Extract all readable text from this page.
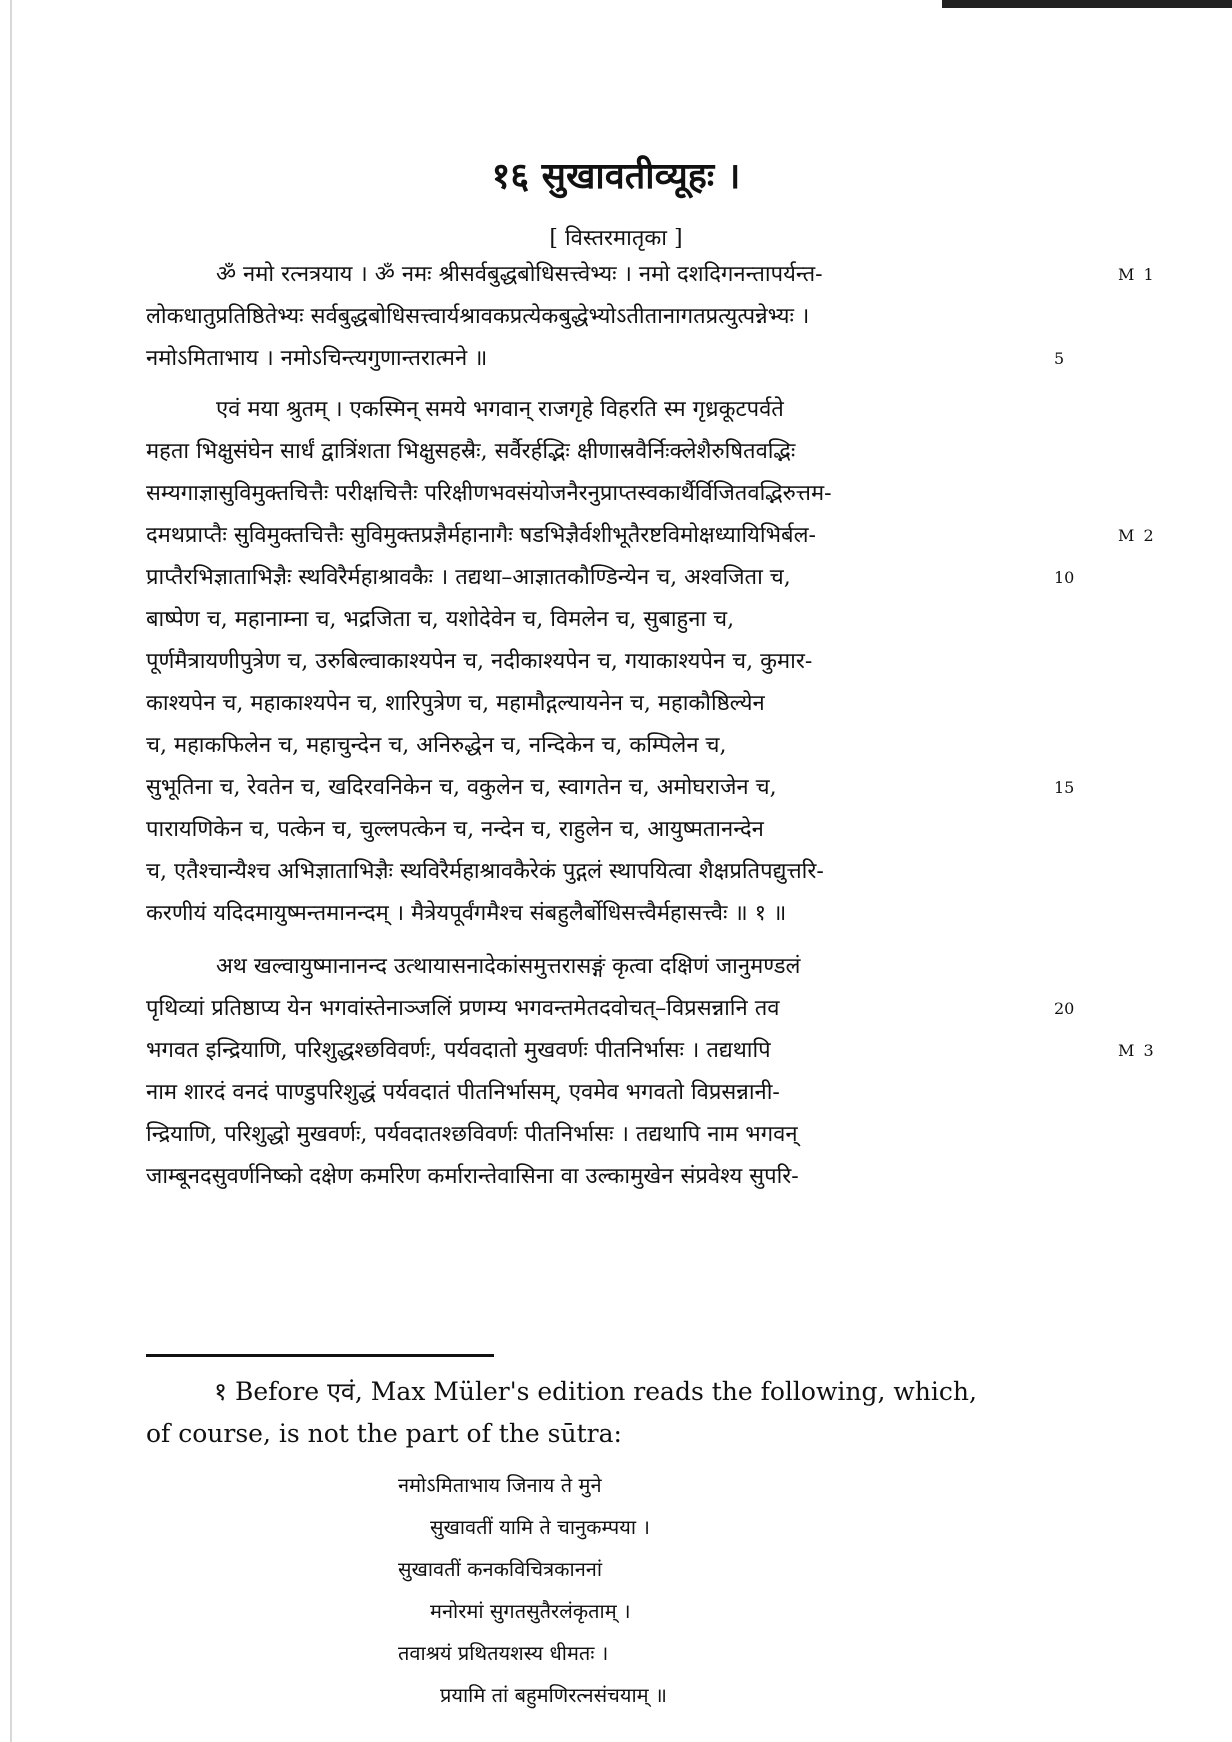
१६ सुखावतीव्यूहः ।
[ विस्तरमातृका ]
ॐ नमो रत्नत्रयाय । ॐ नमः श्रीसर्वबुद्धबोधिसत्त्वेभ्यः । नमो दशदिगनन्तापर्यन्त-
लोकधातुप्रतिष्ठितेभ्यः सर्वबुद्धबोधिसत्त्वार्यश्रावकप्रत्येकबुद्धेभ्योऽतीतानागतप्रत्युत्पन्नेभ्यः ।
नमोऽमिताभाय । नमोऽचिन्त्यगुणान्तरात्मने ॥
एवं मया श्रुतम् । एकस्मिन् समये भगवान् राजगृहे विहरति स्म गृध्रकूटपर्वते
महता भिक्षुसंघेन सार्धं द्वात्रिंशता भिक्षुसहस्रैः, सर्वैरर्हद्भिः क्षीणास्रवैर्निःक्लेशैरुषितवद्भिः
सम्यगाज्ञासुविमुक्तचित्तैः परीक्षचित्तैः परिक्षीणभवसंयोजनैरनुप्राप्तस्वकार्थैर्विजितवद्भिरुत्तम-
दमथप्राप्तैः सुविमुक्तचित्तैः सुविमुक्तप्रज्ञैर्महानागैः षडभिज्ञैर्वशीभूतैरष्टविमोक्षध्यायिभिर्बल-
प्राप्तैरभिज्ञाताभिज्ञैः स्थविरैर्महाश्रावकैः । तद्यथा–आज्ञातकौण्डिन्येन च, अश्वजिता च,
बाष्पेण च, महानाम्ना च, भद्रजिता च, यशोदेवेन च, विमलेन च, सुबाहुना च,
पूर्णमैत्रायणीपुत्रेण च, उरुबिल्वाकाश्यपेन च, नदीकाश्यपेन च, गयाकाश्यपेन च, कुमार-
काश्यपेन च, महाकाश्यपेन च, शारिपुत्रेण च, महामौद्गल्यायनेन च, महाकौष्ठिल्येन
च, महाकफिलेन च, महाचुन्देन च, अनिरुद्धेन च, नन्दिकेन च, कम्पिलेन च,
सुभूतिना च, रेवतेन च, खदिरवनिकेन च, वकुलेन च, स्वागतेन च, अमोघराजेन च,
पारायणिकेन च, पत्केन च, चुल्लपत्केन च, नन्देन च, राहुलेन च, आयुष्मतानन्देन
च, एतैश्चान्यैश्च अभिज्ञाताभिज्ञैः स्थविरैर्महाश्रावकैरेकं पुद्गलं स्थापयित्वा शैक्षप्रतिपद्युत्तरि-
करणीयं यदिदमायुष्मन्तमानन्दम् । मैत्रेयपूर्वंगमैश्च संबहुलैर्बोधिसत्त्वैर्महासत्त्वैः ॥ १ ॥
अथ खल्वायुष्मानानन्द उत्थायासनादेकांसमुत्तरासङ्गं कृत्वा दक्षिणं जानुमण्डलं
पृथिव्यां प्रतिष्ठाप्य येन भगवांस्तेनाञ्जलिं प्रणम्य भगवन्तमेतदवोचत्–विप्रसन्नानि तव
भगवत इन्द्रियाणि, परिशुद्धश्छविवर्णः, पर्यवदातो मुखवर्णः पीतनिर्भासः । तद्यथापि
नाम शारदं वनदं पाण्डुपरिशुद्धं पर्यवदातं पीतनिर्भासम्, एवमेव भगवतो विप्रसन्नानी-
न्द्रियाणि, परिशुद्धो मुखवर्णः, पर्यवदातश्छविवर्णः पीतनिर्भासः । तद्यथापि नाम भगवन्
जाम्बूनदसुवर्णनिष्को दक्षेण कर्मारेण कर्मारान्तेवासिना वा उल्कामुखेन संप्रवेश्य सुपरि-
5
10
15
20
M 1
M 2
M 3
१ Before एवं, Max Müler's edition reads the following, which,
of course, is not the part of the sūtra:
नमोऽमिताभाय जिनाय ते मुने
सुखावतीं यामि ते चानुकम्पया ।
सुखावतीं कनकविचित्रकाननां
मनोरमां सुगतसुतैरलंकृताम् ।
तवाश्रयं प्रथितयशस्य धीमतः ।
प्रयामि तां बहुमणिरत्नसंचयाम् ॥
